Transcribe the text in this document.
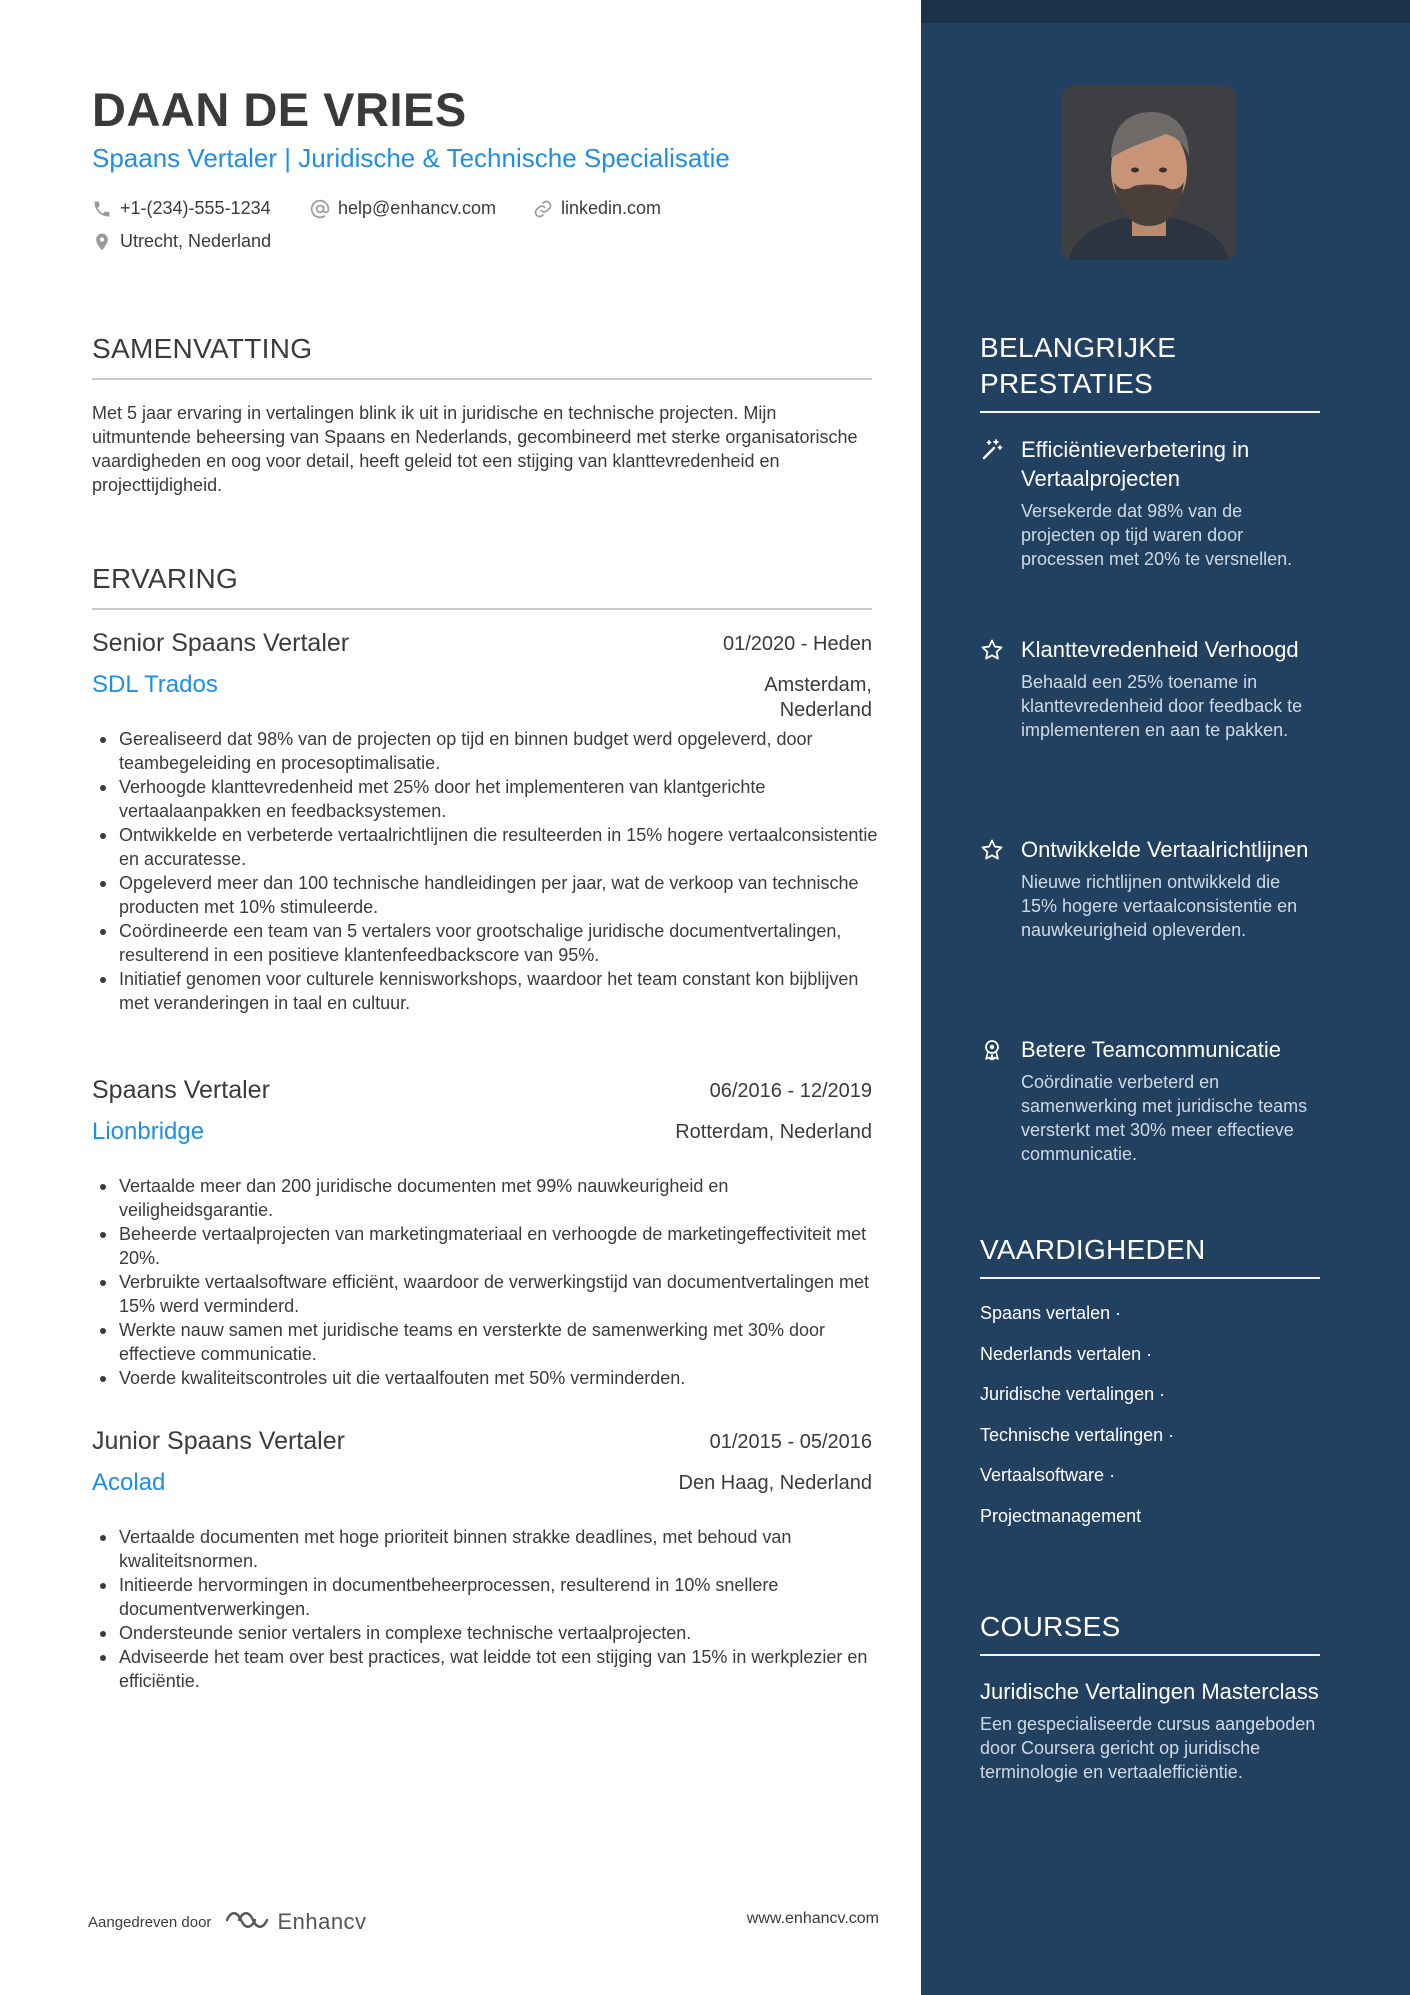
DAAN DE VRIES
Spaans Vertaler | Juridische & Technische Specialisatie
+1-(234)-555-1234	help@enhancv.com	linkedin.com
Utrecht, Nederland
SAMENVATTING
Met 5 jaar ervaring in vertalingen blink ik uit in juridische en technische projecten. Mijn uitmuntende beheersing van Spaans en Nederlands, gecombineerd met sterke organisatorische vaardigheden en oog voor detail, heeft geleid tot een stijging van klanttevredenheid en projecttijdigheid.
ERVARING
Senior Spaans Vertaler	01/2020 - Heden
SDL Trados	Amsterdam, Nederland
Gerealiseerd dat 98% van de projecten op tijd en binnen budget werd opgeleverd, door teambegeleiding en procesoptimalisatie.
Verhoogde klanttevredenheid met 25% door het implementeren van klantgerichte vertaalaanpakken en feedbacksystemen.
Ontwikkelde en verbeterde vertaalrichtlijnen die resulteerden in 15% hogere vertaalconsistentie en accuratesse.
Opgeleverd meer dan 100 technische handleidingen per jaar, wat de verkoop van technische producten met 10% stimuleerde.
Coördineerde een team van 5 vertalers voor grootschalige juridische documentvertalingen, resulterend in een positieve klantenfeedbackscore van 95%.
Initiatief genomen voor culturele kennisworkshops, waardoor het team constant kon bijblijven met veranderingen in taal en cultuur.
Spaans Vertaler	06/2016 - 12/2019
Lionbridge	Rotterdam, Nederland
Vertaalde meer dan 200 juridische documenten met 99% nauwkeurigheid en veiligheidsgarantie.
Beheerde vertaalprojecten van marketingmateriaal en verhoogde de marketingeffectiviteit met 20%.
Verbruikte vertaalsoftware efficiënt, waardoor de verwerkingstijd van documentvertalingen met 15% werd verminderd.
Werkte nauw samen met juridische teams en versterkte de samenwerking met 30% door effectieve communicatie.
Voerde kwaliteitscontroles uit die vertaalfouten met 50% verminderden.
Junior Spaans Vertaler	01/2015 - 05/2016
Acolad	Den Haag, Nederland
Vertaalde documenten met hoge prioriteit binnen strakke deadlines, met behoud van kwaliteitsnormen.
Initieerde hervormingen in documentbeheerprocessen, resulterend in 10% snellere documentverwerkingen.
Ondersteunde senior vertalers in complexe technische vertaalprojecten.
Adviseerde het team over best practices, wat leidde tot een stijging van 15% in werkplezier en efficiëntie.
Aangedreven door	Enhancv	www.enhancv.com
BELANGRIJKE PRESTATIES
Efficiëntieverbetering in Vertaalprojecten
Versekerde dat 98% van de projecten op tijd waren door processen met 20% te versnellen.
Klanttevredenheid Verhoogd
Behaald een 25% toename in klanttevredenheid door feedback te implementeren en aan te pakken.
Ontwikkelde Vertaalrichtlijnen
Nieuwe richtlijnen ontwikkeld die 15% hogere vertaalconsistentie en nauwkeurigheid opleverden.
Betere Teamcommunicatie
Coördinatie verbeterd en samenwerking met juridische teams versterkt met 30% meer effectieve communicatie.
VAARDIGHEDEN
Spaans vertalen ·
Nederlands vertalen ·
Juridische vertalingen ·
Technische vertalingen ·
Vertaalsoftware ·
Projectmanagement
COURSES
Juridische Vertalingen Masterclass
Een gespecialiseerde cursus aangeboden door Coursera gericht op juridische terminologie en vertaalefficiëntie.
